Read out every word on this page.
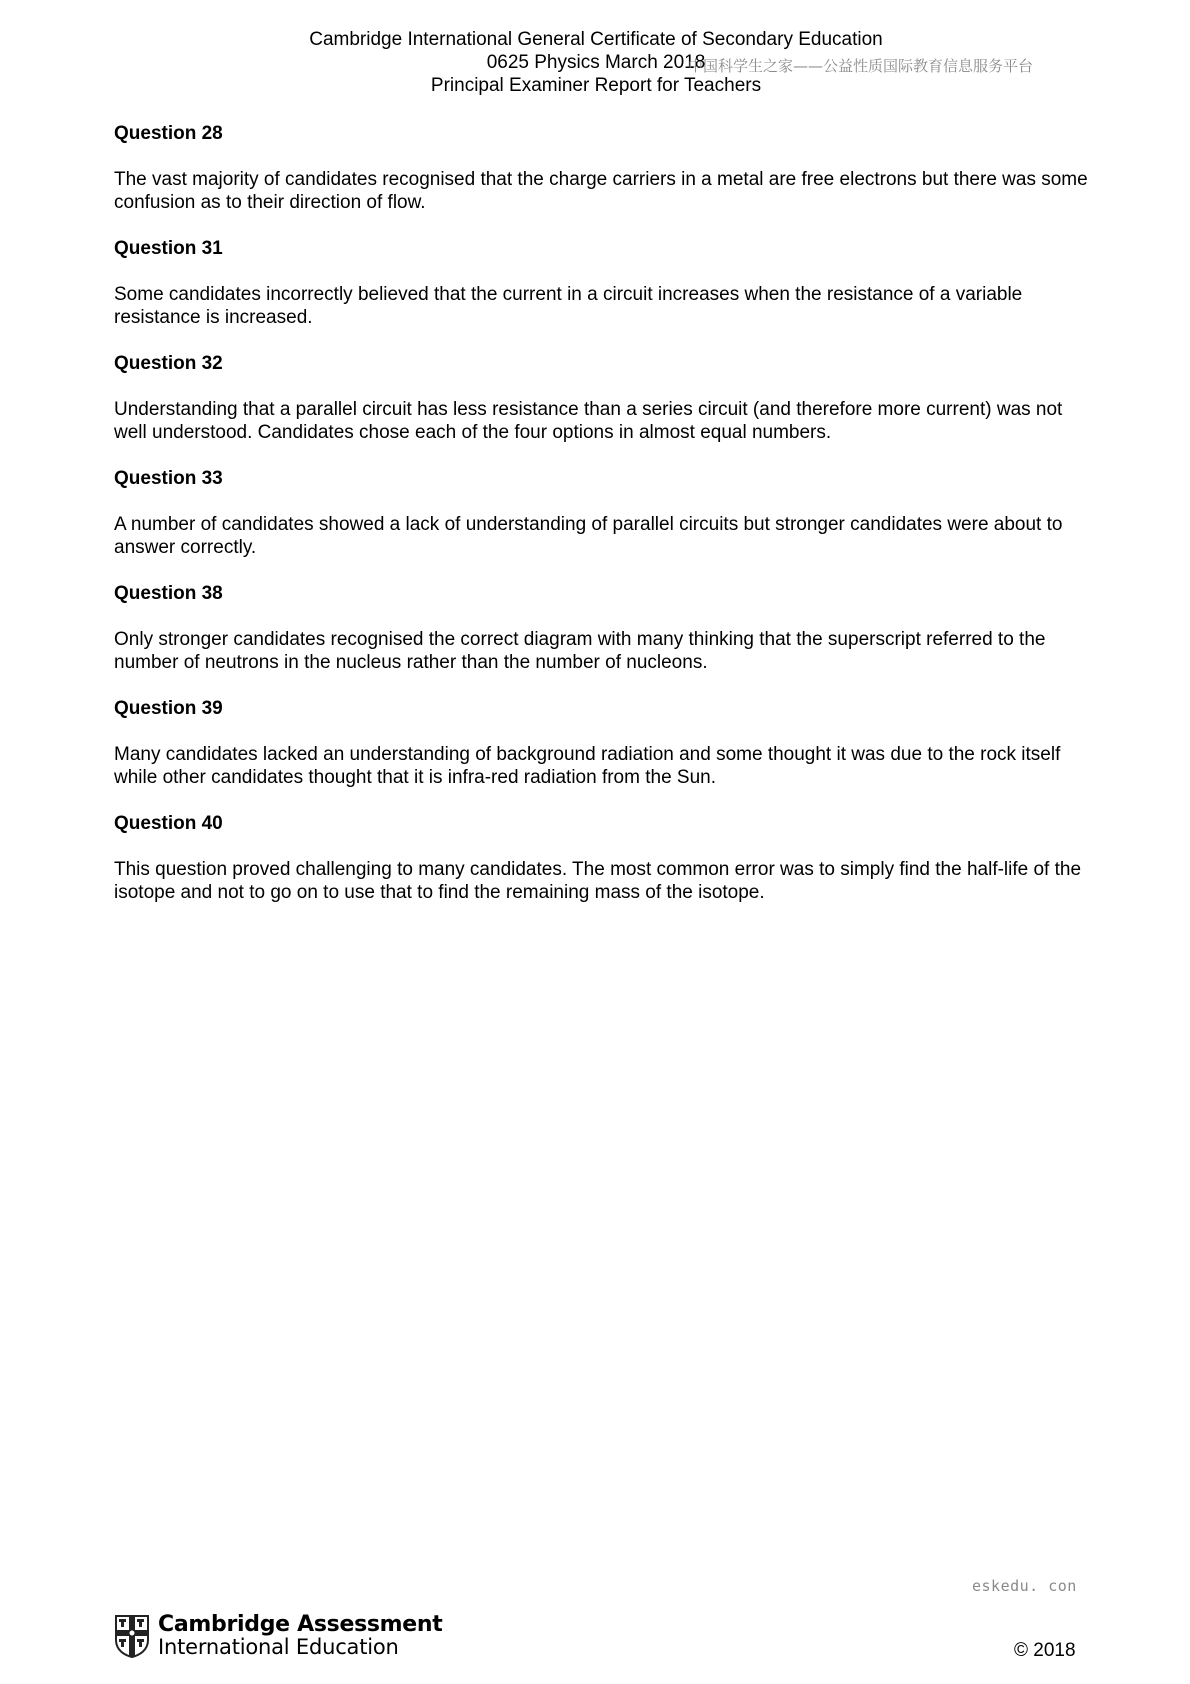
Cambridge International General Certificate of Secondary Education
0625 Physics March 2018
Principal Examiner Report for Teachers
中国科学生之家——公益性质国际教育信息服务平台

Question 28

The vast majority of candidates recognised that the charge carriers in a metal are free electrons but there was some confusion as to their direction of flow.

Question 31

Some candidates incorrectly believed that the current in a circuit increases when the resistance of a variable resistance is increased.

Question 32

Understanding that a parallel circuit has less resistance than a series circuit (and therefore more current) was not well understood. Candidates chose each of the four options in almost equal numbers.

Question 33

A number of candidates showed a lack of understanding of parallel circuits but stronger candidates were about to answer correctly.

Question 38

Only stronger candidates recognised the correct diagram with many thinking that the superscript referred to the number of neutrons in the nucleus rather than the number of nucleons.

Question 39

Many candidates lacked an understanding of background radiation and some thought it was due to the rock itself while other candidates thought that it is infra-red radiation from the Sun.

Question 40

This question proved challenging to many candidates. The most common error was to simply find the half-life of the isotope and not to go on to use that to find the remaining mass of the isotope.

eskedu. con
Cambridge Assessment
International Education	© 2018
